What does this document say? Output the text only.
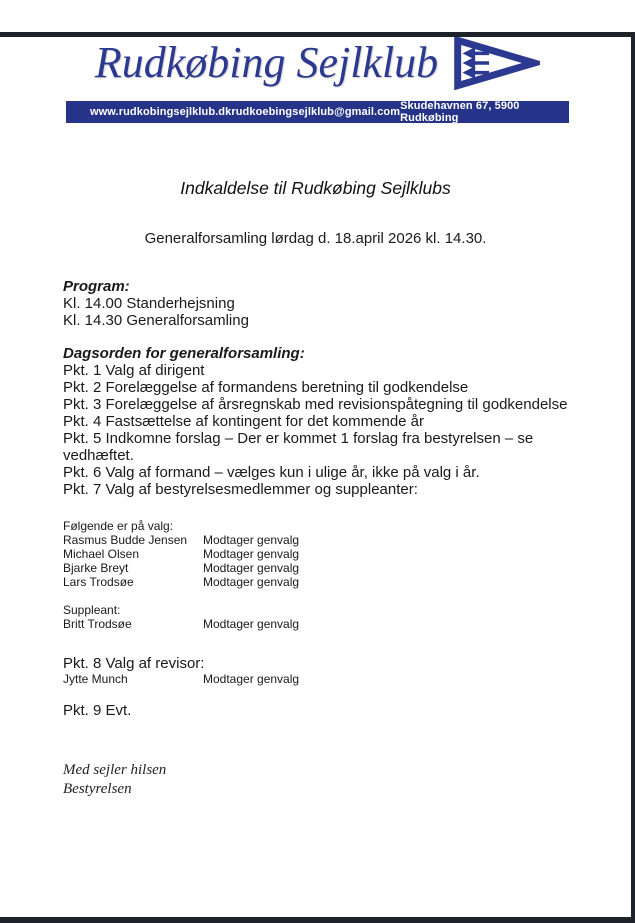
Rudkøbing Sejlklub
www.rudkobingsejlklub.dk rudkoebingsejlklub@gmail.com Skudehavnen 67, 5900 Rudkøbing

Indkaldelse til Rudkøbing Sejlklubs

Generalforsamling lørdag d. 18.april 2026 kl. 14.30.

Program:

Kl. 14.00 Standerhejsning
Kl. 14.30 Generalforsamling

Dagsorden for generalforsamling:

Pkt. 1 Valg af dirigent
Pkt. 2 Forelæggelse af formandens beretning til godkendelse
Pkt. 3 Forelæggelse af årsregnskab med revisionspåtegning til godkendelse
Pkt. 4 Fastsættelse af kontingent for det kommende år
Pkt. 5 Indkomne forslag – Der er kommet 1 forslag fra bestyrelsen – se vedhæftet.
Pkt. 6 Valg af formand – vælges kun i ulige år, ikke på valg i år.
Pkt. 7 Valg af bestyrelsesmedlemmer og suppleanter:

Følgende er på valg:

Rasmus Budde Jensen	Modtager genvalg
Michael Olsen	Modtager genvalg
Bjarke Breyt	Modtager genvalg
Lars Trodsøe	Modtager genvalg

Suppleant:

Britt Trodsøe	Modtager genvalg

Pkt. 8 Valg af revisor:

Jytte Munch	Modtager genvalg

Pkt. 9 Evt.

Med sejler hilsen

Bestyrelsen
